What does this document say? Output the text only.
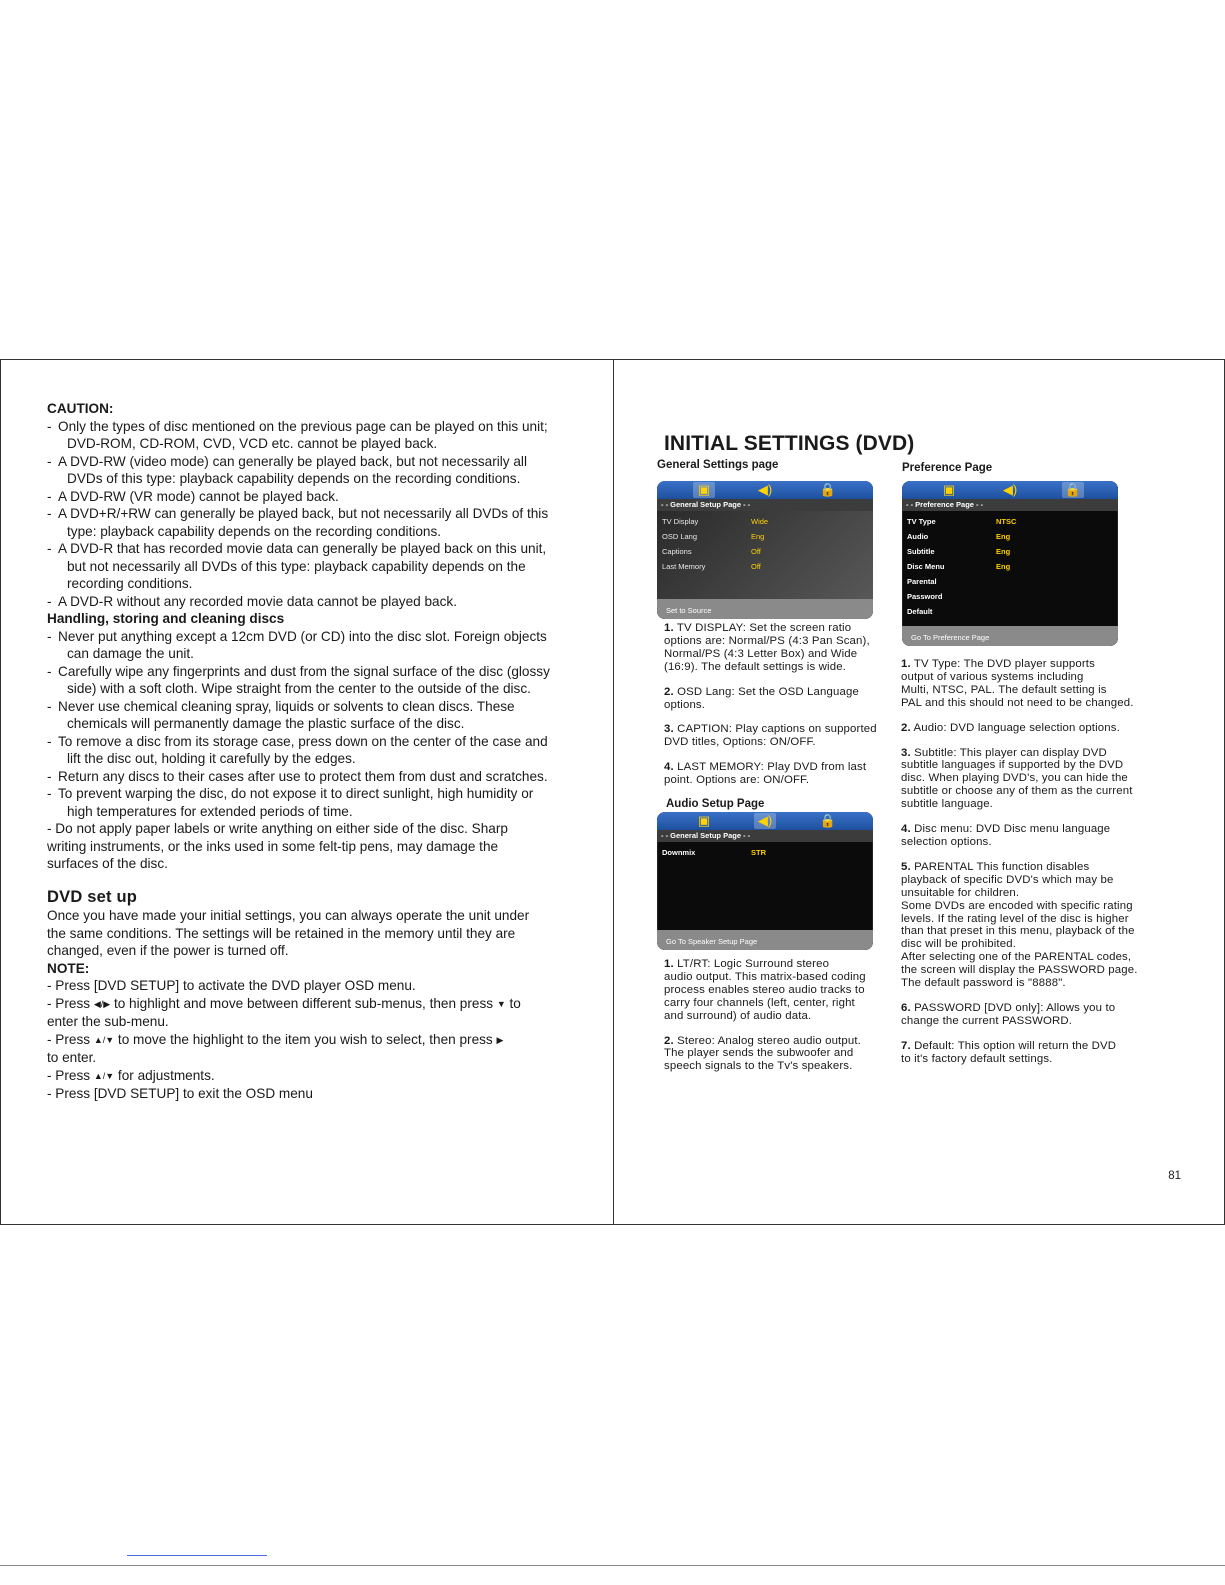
CAUTION:
- Only the types of disc mentioned on the previous page can be played on this unit;
DVD-ROM, CD-ROM, CVD, VCD etc. cannot be played back.
- A DVD-RW (video mode) can generally be played back, but not necessarily all
DVDs of this type: playback capability depends on the recording conditions.
- A DVD-RW (VR mode) cannot be played back.
- A DVD+R/+RW can generally be played back, but not necessarily all DVDs of this
type: playback capability depends on the recording conditions.
- A DVD-R that has recorded movie data can generally be played back on this unit,
but not necessarily all DVDs of this type: playback capability depends on the
recording conditions.
- A DVD-R without any recorded movie data cannot be played back.
Handling, storing and cleaning discs
- Never put anything except a 12cm DVD (or CD) into the disc slot. Foreign objects
can damage the unit.
- Carefully wipe any fingerprints and dust from the signal surface of the disc (glossy
side) with a soft cloth. Wipe straight from the center to the outside of the disc.
- Never use chemical cleaning spray, liquids or solvents to clean discs. These
chemicals will permanently damage the plastic surface of the disc.
- To remove a disc from its storage case, press down on the center of the case and
lift the disc out, holding it carefully by the edges.
- Return any discs to their cases after use to protect them from dust and scratches.
- To prevent warping the disc, do not expose it to direct sunlight, high humidity or
high temperatures for extended periods of time.

- Do not apply paper labels or write anything on either side of the disc. Sharp

writing instruments, or the inks used in some felt-tip pens, may damage the

surfaces of the disc.

DVD set up

Once you have made your initial settings, you can always operate the unit under

the same conditions. The settings will be retained in the memory until they are

changed, even if the power is turned off.

NOTE:

- Press [DVD SETUP] to activate the DVD player OSD menu.

- Press ◀/▶ to highlight and move between different sub-menus, then press ▼ to

enter the sub-menu.

- Press ▲/▼ to move the highlight to the item you wish to select, then press ▶

to enter.

- Press ▲/▼ for adjustments.

- Press [DVD SETUP] to exit the OSD menu

INITIAL SETTINGS (DVD)
General Settings page	Preference Page
▣	◀)	🔒
- - General Setup Page - -
TV Display	Wide
OSD Lang	Eng
Captions	Off
Last Memory	Off
Set to Source
▣	◀)	🔒
- - Preference Page - -
TV Type	NTSC
Audio	Eng
Subtitle	Eng
Disc Menu	Eng
Parental
Password
Default
Go To Preference Page
1. TV DISPLAY: Set the screen ratio
options are: Normal/PS (4:3 Pan Scan),
Normal/PS (4:3 Letter Box) and Wide
(16:9). The default settings is wide.
2. OSD Lang: Set the OSD Language
options.
3. CAPTION: Play captions on supported
DVD titles, Options: ON/OFF.
4. LAST MEMORY: Play DVD from last
point. Options are: ON/OFF.
Audio Setup Page
▣	◀)	🔒
- - General Setup Page - -
Downmix	STR
Go To Speaker Setup Page
1. LT/RT: Logic Surround stereo
audio output. This matrix-based coding
process enables stereo audio tracks to
carry four channels (left, center, right
and surround) of audio data.
2. Stereo: Analog stereo audio output.
The player sends the subwoofer and
speech signals to the Tv's speakers.
1. TV Type: The DVD player supports
output of various systems including
Multi, NTSC, PAL. The default setting is
PAL and this should not need to be changed.
2. Audio: DVD language selection options.
3. Subtitle: This player can display DVD
subtitle languages if supported by the DVD
disc. When playing DVD's, you can hide the
subtitle or choose any of them as the current
subtitle language.
4. Disc menu: DVD Disc menu language
selection options.
5. PARENTAL This function disables
playback of specific DVD's which may be
unsuitable for children.
Some DVDs are encoded with specific rating
levels. If the rating level of the disc is higher
than that preset in this menu, playback of the
disc will be prohibited.
After selecting one of the PARENTAL codes,
the screen will display the PASSWORD page.
The default password is "8888".
6. PASSWORD [DVD only]: Allows you to
change the current PASSWORD.
7. Default: This option will return the DVD
to it's factory default settings.
81
